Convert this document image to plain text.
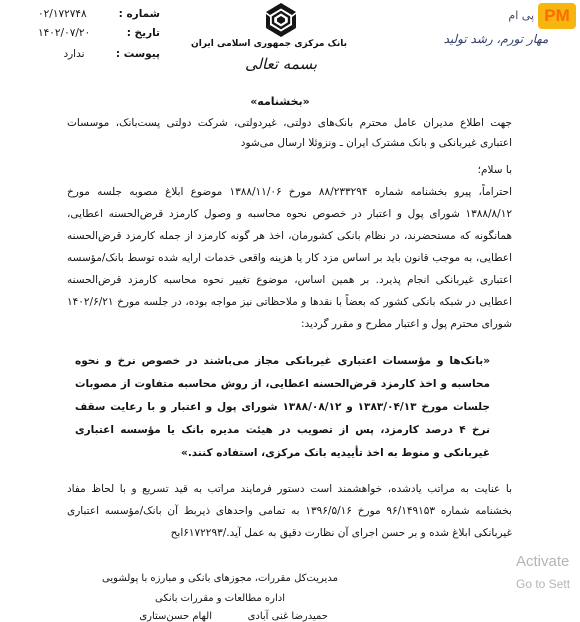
شماره :
۰۲/۱۷۲۷۴۸
تاریخ :
۱۴۰۲/۰۷/۲۰
پیوست :
ندارد
بانک مرکزی جمهوری اسلامی ایران
بسمه تعالی
PM
پی ام
مهار تورم، رشد تولید
«بخشنامه»
جهت اطلاع مدیران عامل محترم بانک‌های دولتی، غیردولتی، شرکت دولتی پست‌بانک، موسسات اعتباری غیربانکی و بانک مشترک ایران ـ ونزوئلا ارسال می‌شود
با سلام؛
احتراماً، پیرو بخشنامه شماره ۸۸/۲۳۳۲۹۴ مورخ ۱۳۸۸/۱۱/۰۶ موضوع ابلاغ مصوبه جلسه مورخ ۱۳۸۸/۸/۱۲ شورای پول و اعتبار در خصوص نحوه محاسبه و وصول کارمزد قرض‌الحسنه اعطایی، همانگونه که مستحضرند، در نظام بانکی کشورمان، اخذ هر گونه کارمزد از جمله کارمزد قرض‌الحسنه اعطایی، به موجب قانون باید بر اساس مزد کار یا هزینه واقعی خدمات ارایه شده توسط بانک/مؤسسه اعتباری غیربانکی انجام پذیرد. بر همین اساس، موضوع تغییر نحوه محاسبه کارمزد قرض‌الحسنه اعطایی در شبکه بانکی کشور که بعضاً با نقدها و ملاحظاتی نیز مواجه بوده، در جلسه مورخ ۱۴۰۲/۶/۲۱ شورای محترم پول و اعتبار مطرح و مقرر گردید:
«بانک‌ها و مؤسسات اعتباری غیربانکی مجاز می‌باشند در خصوص نرخ و نحوه محاسبه و اخذ کارمزد قرض‌الحسنه اعطایی، از روش محاسبه متفاوت از مصوبات جلسات مورخ ۱۳۸۳/۰۴/۱۳ و ۱۳۸۸/۰۸/۱۲ شورای پول و اعتبار و با رعایت سقف نرخ ۴ درصد کارمزد، پس از تصویب در هیئت مدیره بانک یا مؤسسه اعتباری غیربانکی و منوط به اخذ تأییدیه بانک مرکزی، استفاده کنند.»
با عنایت به مراتب یادشده، خواهشمند است دستور فرمایند مراتب به قید تسریع و با لحاظ مفاد بخشنامه شماره ۹۶/۱۴۹۱۵۳ مورخ ۱۳۹۶/۵/۱۶ به تمامی واحدهای ذیربط آن بانک/مؤسسه اعتباری غیربانکی ابلاغ شده و بر حسن اجرای آن نظارت دقیق به عمل آید./۶۱۷۲۲۹۳ابح
مدیریت‌کل مقررات، مجوزهای بانکی و مبارزه با پولشویی
اداره مطالعات و مقررات بانکی
حمیدرضا غنی آبادی
الهام حسن‌ستاری
Activate
Go to Sett
